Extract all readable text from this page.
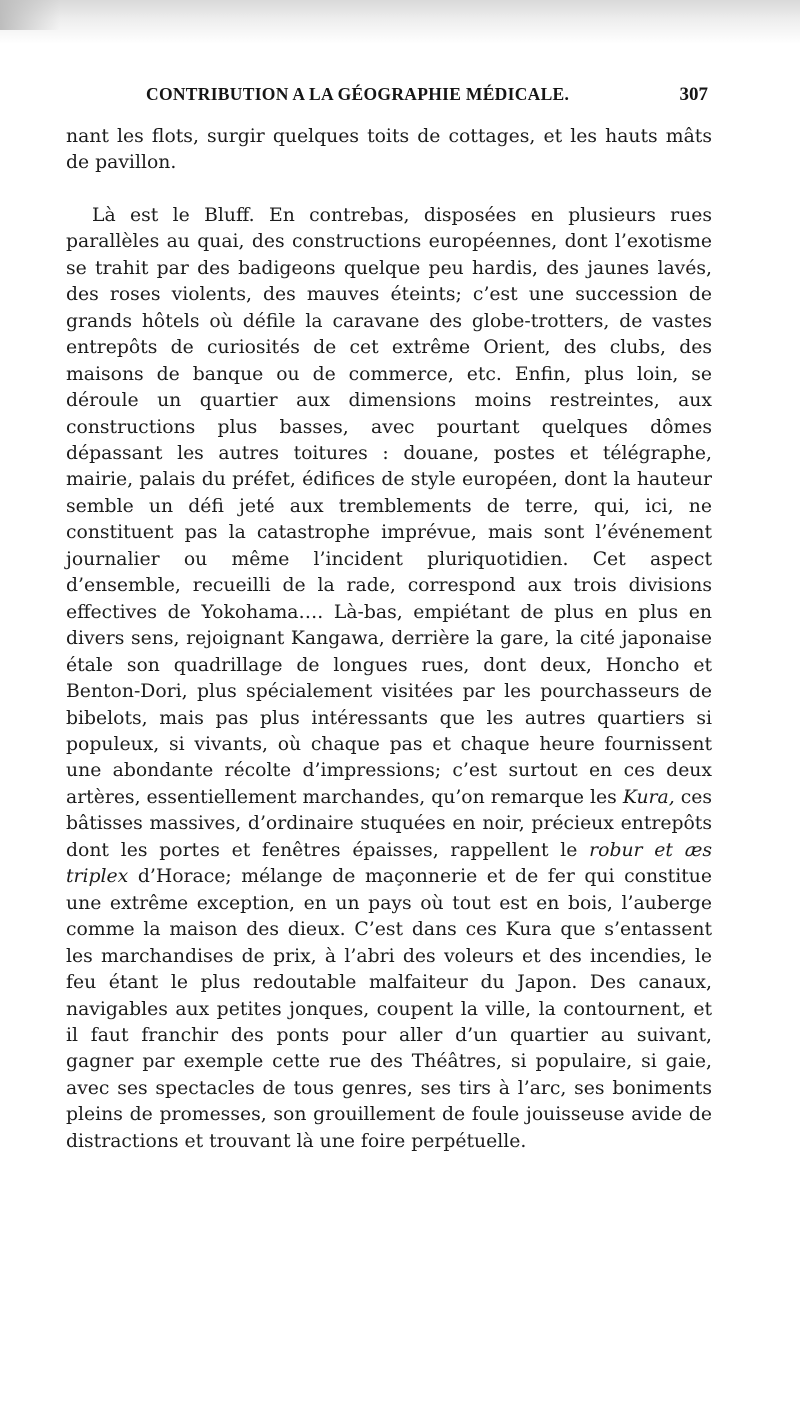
CONTRIBUTION A LA GÉOGRAPHIE MÉDICALE.	307

nant les flots, surgir quelques toits de cottages, et les hauts mâts de pavillon.

Là est le Bluff. En contrebas, disposées en plusieurs rues parallèles au quai, des constructions européennes, dont l’exotisme se trahit par des badigeons quelque peu hardis, des jaunes lavés, des roses violents, des mauves éteints; c’est une succession de grands hôtels où défile la caravane des globe-trotters, de vastes entrepôts de curiosités de cet extrême Orient, des clubs, des maisons de banque ou de commerce, etc. Enfin, plus loin, se déroule un quartier aux dimensions moins restreintes, aux constructions plus basses, avec pourtant quelques dômes dépassant les autres toitures : douane, postes et télégraphe, mairie, palais du préfet, édifices de style européen, dont la hauteur semble un défi jeté aux tremblements de terre, qui, ici, ne constituent pas la catastrophe imprévue, mais sont l’événement journalier ou même l’incident pluriquotidien. Cet aspect d’ensemble, recueilli de la rade, correspond aux trois divisions effectives de Yokohama…. Là-bas, empiétant de plus en plus en divers sens, rejoignant Kangawa, derrière la gare, la cité japonaise étale son quadrillage de longues rues, dont deux, Honcho et Benton-Dori, plus spécialement visitées par les pourchasseurs de bibelots, mais pas plus intéressants que les autres quartiers si populeux, si vivants, où chaque pas et chaque heure fournissent une abondante récolte d’impressions; c’est surtout en ces deux artères, essentiellement marchandes, qu’on remarque les Kura, ces bâtisses massives, d’ordinaire stuquées en noir, précieux entrepôts dont les portes et fenêtres épaisses, rappellent le robur et æs triplex d’Horace; mélange de maçonnerie et de fer qui constitue une extrême exception, en un pays où tout est en bois, l’auberge comme la maison des dieux. C’est dans ces Kura que s’entassent les marchandises de prix, à l’abri des voleurs et des incendies, le feu étant le plus redoutable malfaiteur du Japon. Des canaux, navigables aux petites jonques, coupent la ville, la contournent, et il faut franchir des ponts pour aller d’un quartier au suivant, gagner par exemple cette rue des Théâtres, si populaire, si gaie, avec ses spectacles de tous genres, ses tirs à l’arc, ses boniments pleins de promesses, son grouillement de foule jouisseuse avide de distractions et trouvant là une foire perpétuelle.
